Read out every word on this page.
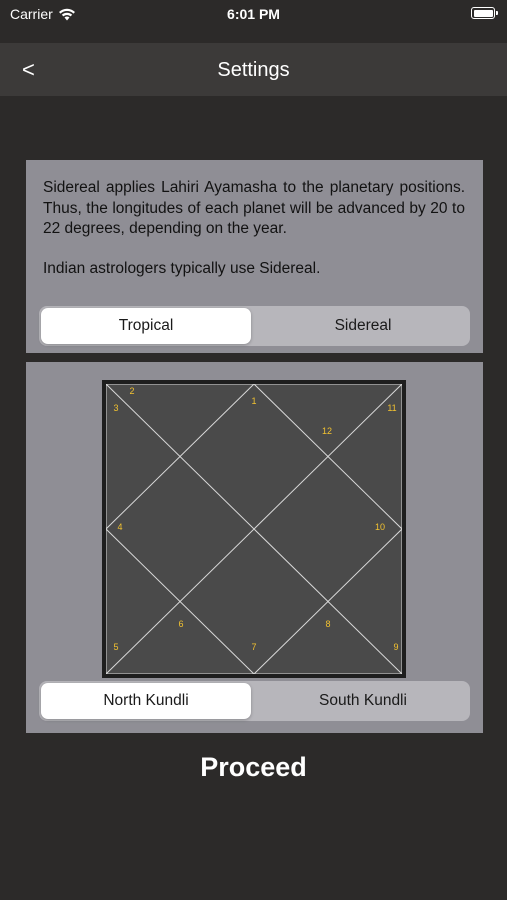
Carrier	6:01 PM
<	Settings

Sidereal applies Lahiri Ayamasha to the planetary positions. Thus, the longitudes of each planet will be advanced by 20 to 22 degrees, depending on the year.

Indian astrologers typically use Sidereal.

Tropical	Sidereal
1
2
3
4
5
6
7
8
9
10
11
12
North Kundli	South Kundli
Proceed
